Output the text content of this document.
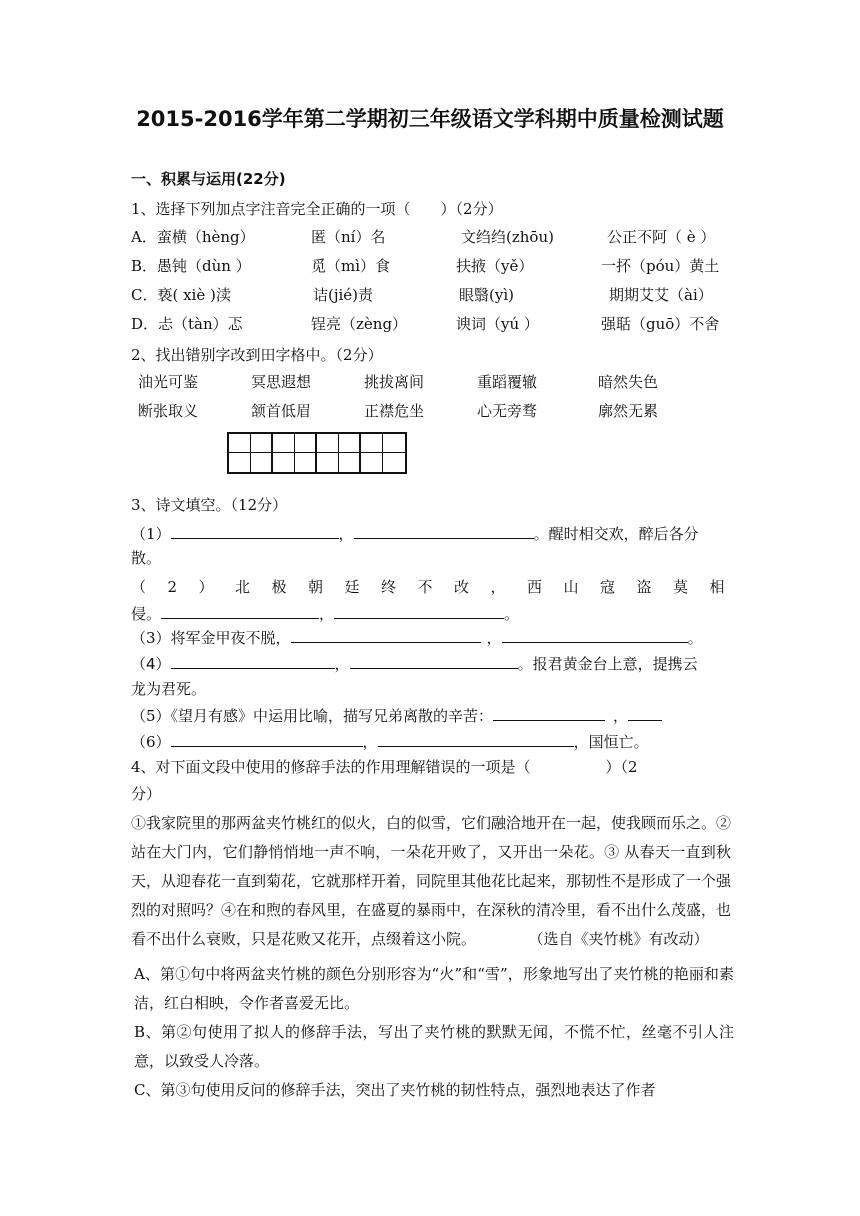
2015-2016学年第二学期初三年级语文学科期中质量检测试题
一、积累与运用(22分)
1、选择下列加点字注音完全正确的一项（　　）（2分）
A．蛮横（hèng）	匿（ní）名	文绉绉(zhōu)	公正不阿（ è ）
B．愚钝（dùn ）	觅（mì）食	扶掖（yě）	一抔（póu）黄土
C．亵( xiè )渎	诘(jié)责	眼翳(yì)	期期艾艾（ài）
D．忐（tàn）忑	锃亮（zèng）	谀词（yú ）	强聒（guō）不舍
2、找出错别字改到田字格中。（2分）
油光可鉴	冥思遐想	挑拔离间	重蹈覆辙	暗然失色
断张取义	颔首低眉	正襟危坐	心无旁骛	廓然无累
3、诗文填空。（12分）
（1）	，	。醒时相交欢，醉后各分
散。
（2）北极朝廷终不改，西山寇盗莫相
侵。	，	。
（3）将军金甲夜不脱，	，	。
（4）	，	。报君黄金台上意，提携云
龙为君死。
（5）《望月有感》中运用比喻，描写兄弟离散的辛苦：	，
（6）	，	，国恒亡。
4、对下面文段中使用的修辞手法的作用理解错误的一项是（　　　　　）（2
分）
①我家院里的那两盆夹竹桃红的似火，白的似雪，它们融洽地开在一起，使我顾而乐之。②站在大门内，它们静悄悄地一声不响，一朵花开败了，又开出一朵花。③ 从春天一直到秋天，从迎春花一直到菊花，它就那样开着，同院里其他花比起来，那韧性不是形成了一个强烈的对照吗？④在和煦的春风里，在盛夏的暴雨中，在深秋的清冷里，看不出什么茂盛，也看不出什么衰败，只是花败又花开，点缀着这小院。	（选自《夹竹桃》有改动）
A、第①句中将两盆夹竹桃的颜色分别形容为“火”和“雪”，形象地写出了夹竹桃的艳丽和素洁，红白相映，令作者喜爱无比。
B、第②句使用了拟人的修辞手法，写出了夹竹桃的默默无闻，不慌不忙，丝毫不引人注意，以致受人冷落。
C、第③句使用反问的修辞手法，突出了夹竹桃的韧性特点，强烈地表达了作者
